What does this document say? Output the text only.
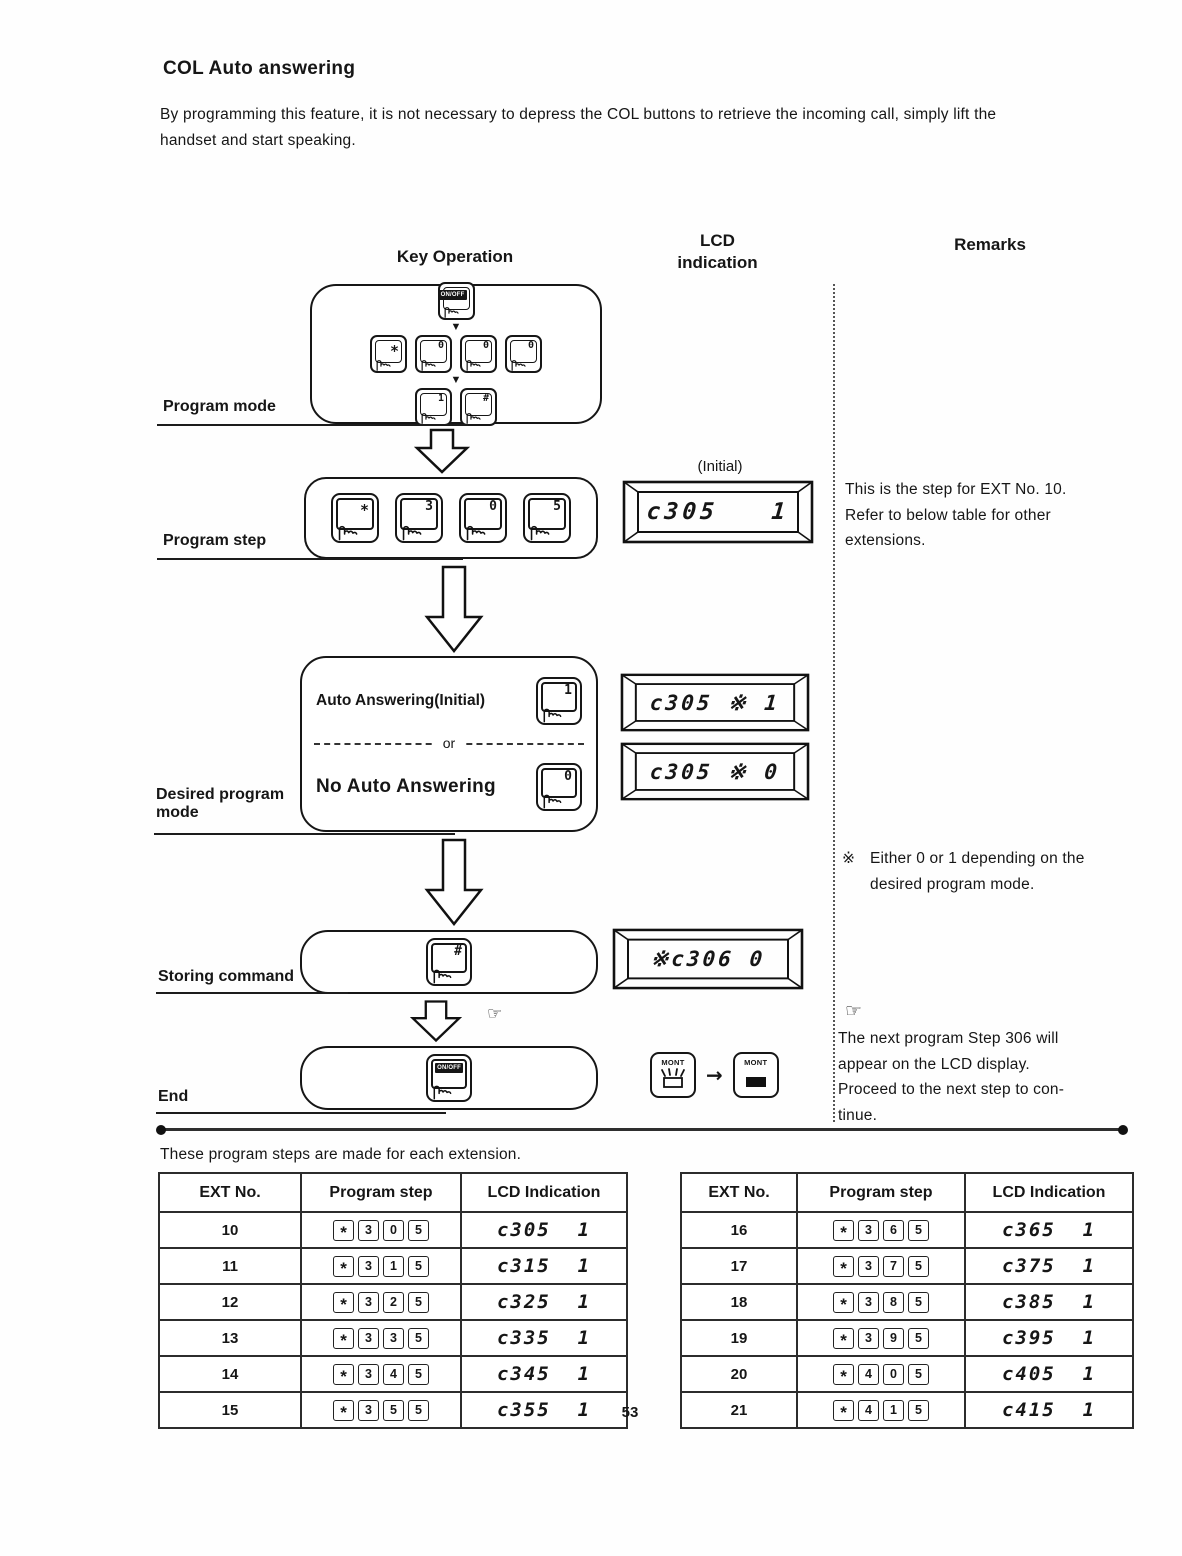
COL Auto answering
By programming this feature, it is not necessary to depress the COL buttons to retrieve the incoming call, simply lift the
handset and start speaking.
Key Operation
LCD
indication
Remarks
ON/OFF
▼
*	0	0	0
▼
1	#
Program mode
*	3	0	5
Program step
(Initial)
c305   1
This is the step for EXT No. 10.
Refer to below table for other
extensions.
Auto Answering(Initial)
1
or
No Auto Answering	0
Desired program
mode
c305 ※ 1
c305 ※ 0
※ Either 0 or 1 depending on the
desired program mode.
#
Storing command
※c306 0
☞
ON/OFF
End
MONT
→
MONT
☞
The next program Step 306 will
appear on the LCD display.
Proceed to the next step to con-
tinue.
These program steps are made for each extension.
EXT No.	Program step	LCD Indication
10	* 3 0 5	c305  1
11	* 3 1 5	c315  1
12	* 3 2 5	c325  1
13	* 3 3 5	c335  1
14	* 3 4 5	c345  1
15	* 3 5 5	c355  1
EXT No.	Program step	LCD Indication
16	* 3 6 5	c365  1
17	* 3 7 5	c375  1
18	* 3 8 5	c385  1
19	* 3 9 5	c395  1
20	* 4 0 5	c405  1
21	* 4 1 5	c415  1
53
